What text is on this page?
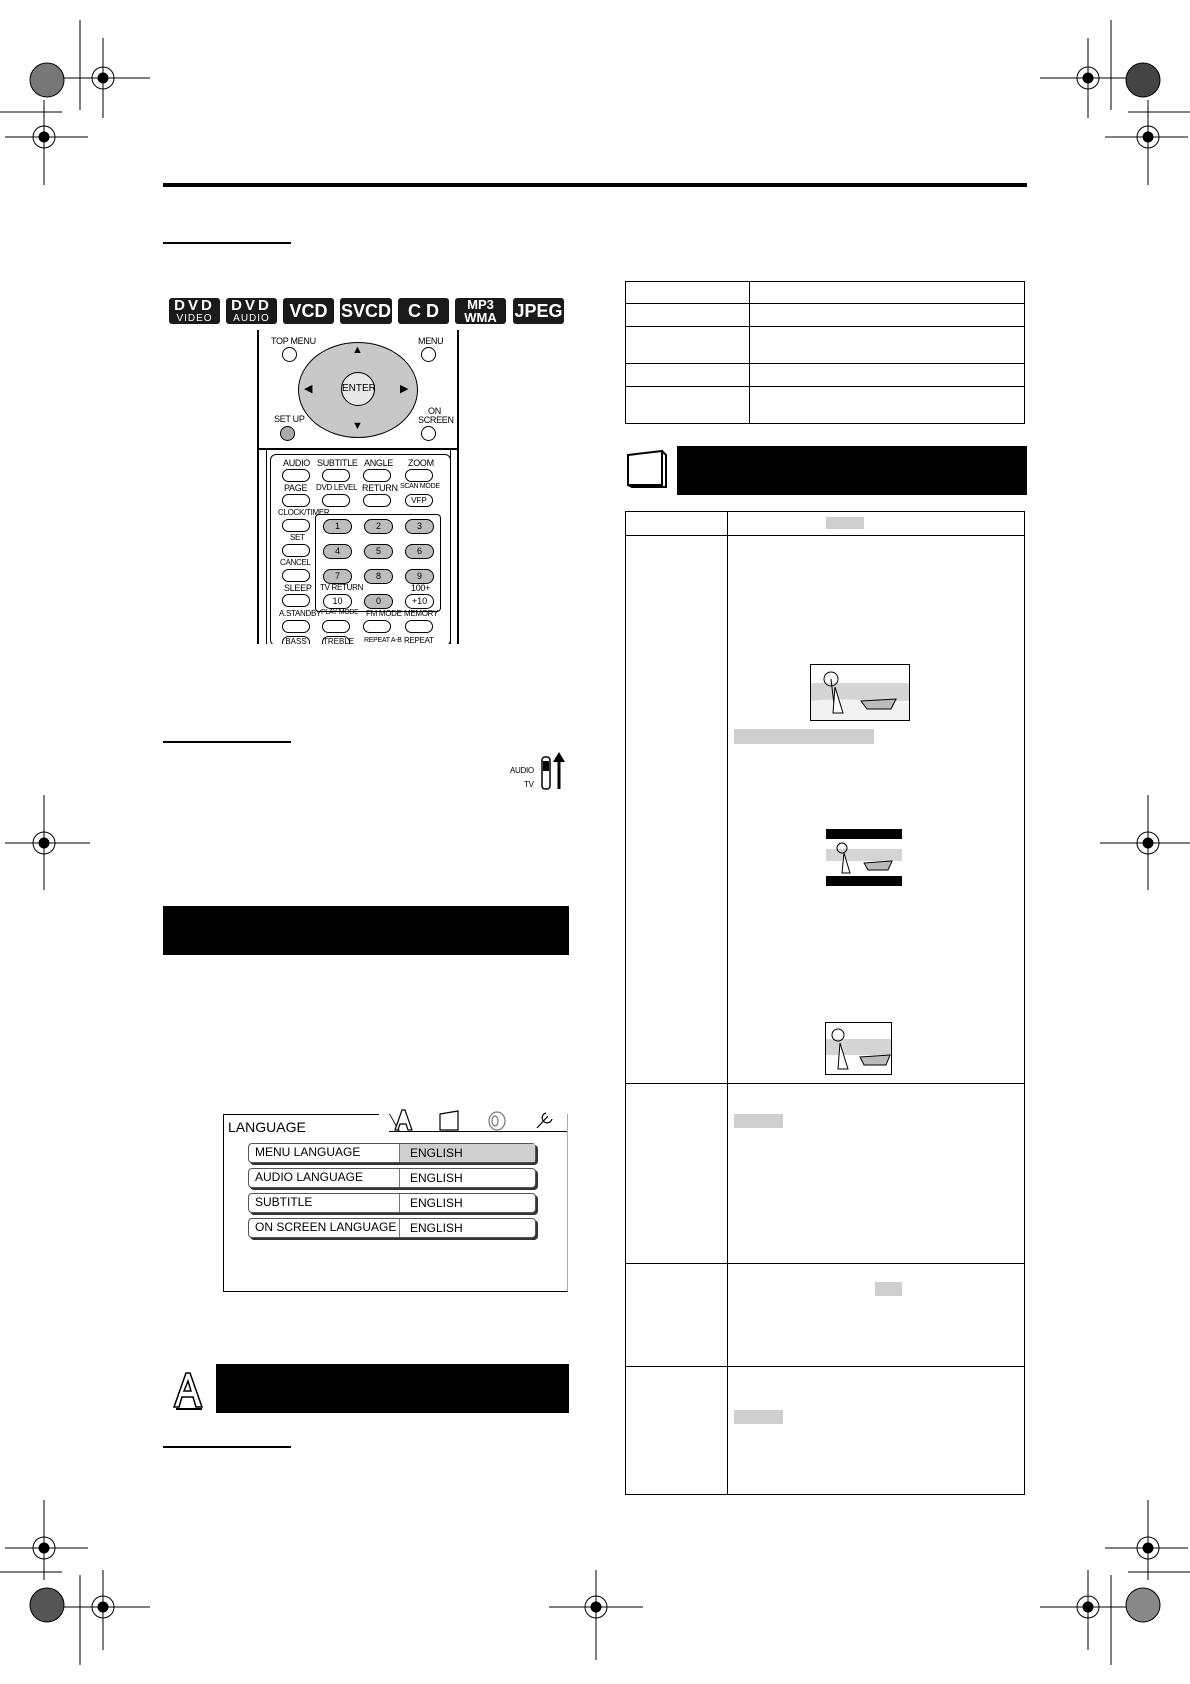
DVD
VIDEO
DVD
AUDIO VCD SVCD C D MP3
WMA JPEG
TOP MENU	MENU
ENTER
▲
▼
◀	▶
SET UP
ON
SCREEN
AUDIO SUBTITLE ANGLE ZOOM
PAGE DVD LEVEL RETURN SCAN MODE
VFP
CLOCK/TIMER
SET
CANCEL
SLEEP
1	2	3
4	5	6
7	8	9
TV RETURN	100+
10	0	+10
A.STANDBY PLAY MODE FM MODE MEMORY
BASS	TREBLE REPEAT A-B REPEAT
AUDIO
TV
LANGUAGE
MENU LANGUAGE	ENGLISH
AUDIO LANGUAGE	ENGLISH
SUBTITLE	ENGLISH
ON SCREEN LANGUAGE	ENGLISH
